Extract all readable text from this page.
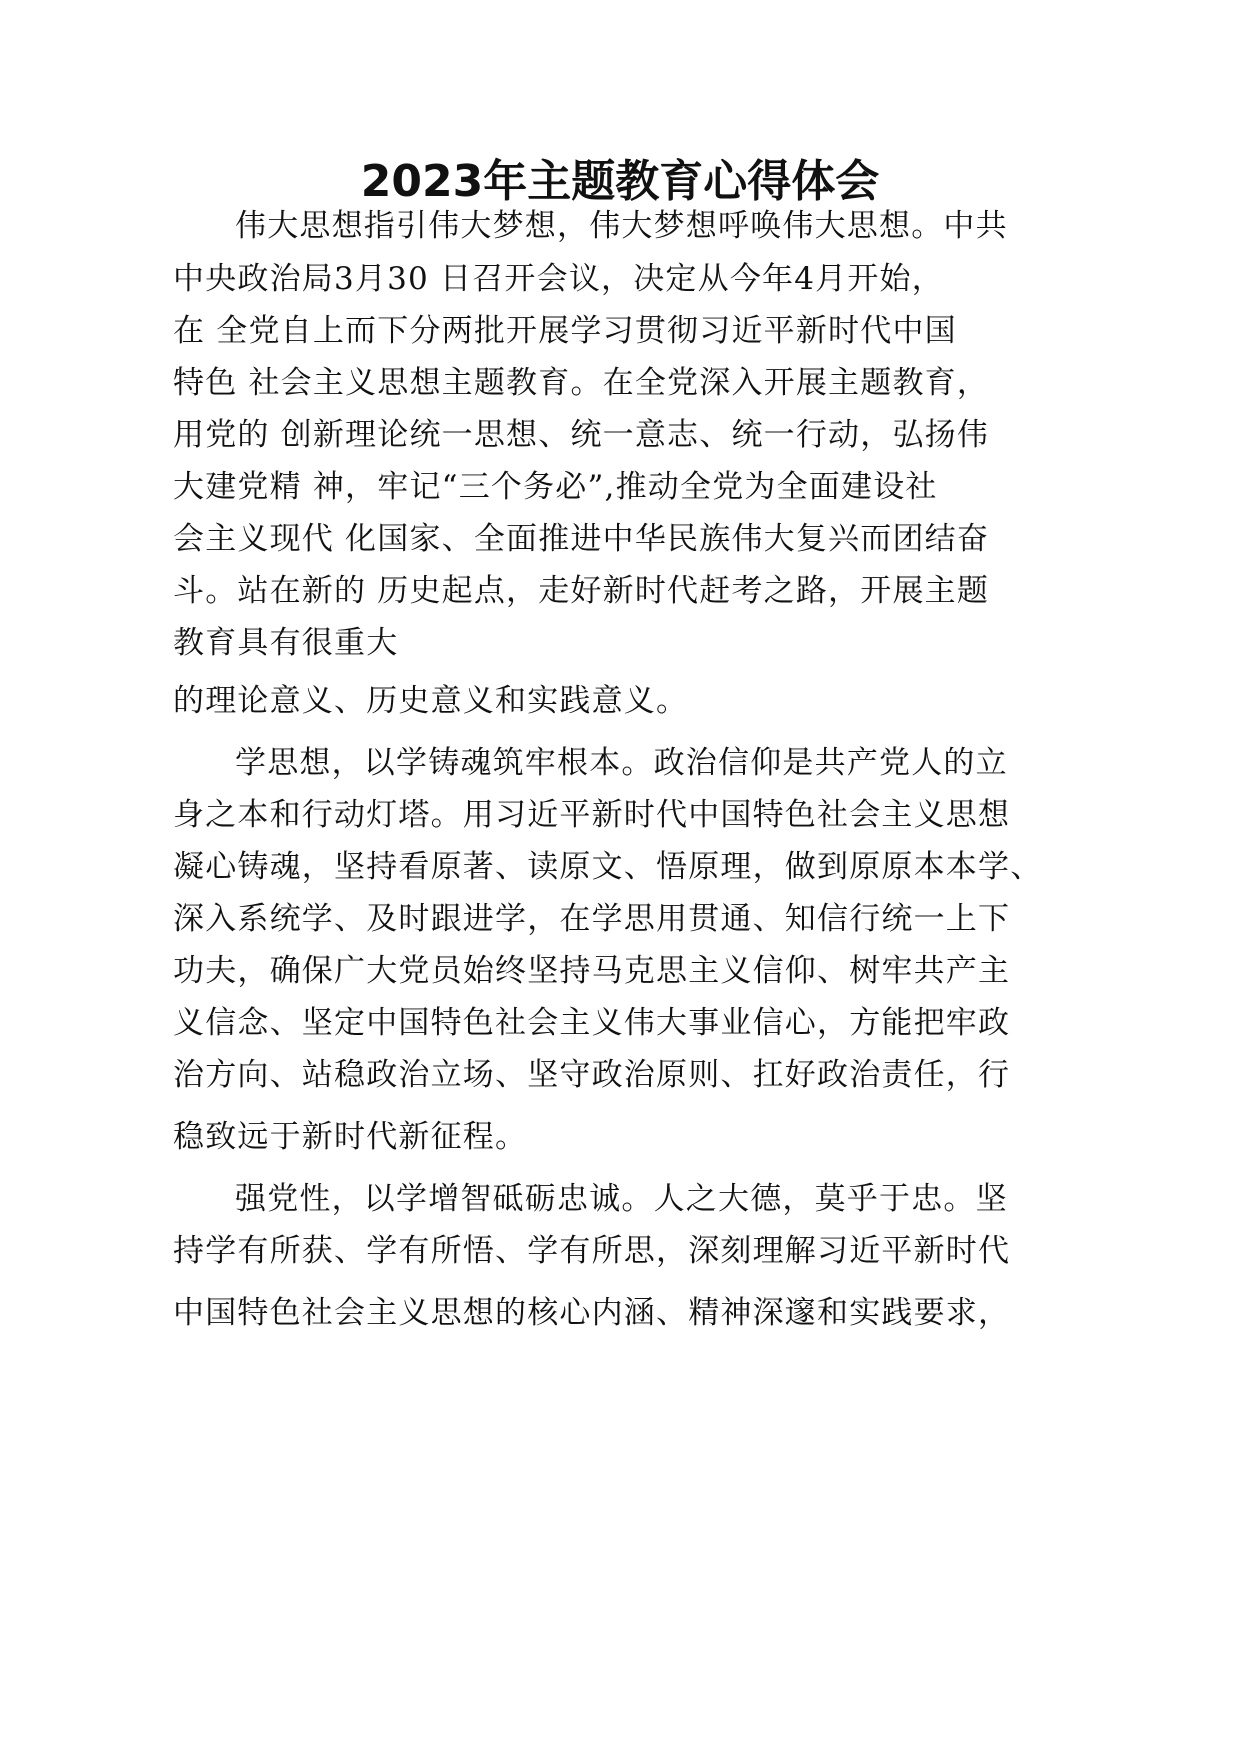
2023年主题教育心得体会
伟大思想指引伟大梦想，伟大梦想呼唤伟大思想。中共
中央政治局3月30 日召开会议，决定从今年4月开始，
在 全党自上而下分两批开展学习贯彻习近平新时代中国
特色 社会主义思想主题教育。在全党深入开展主题教育，
用党的 创新理论统一思想、统一意志、统一行动，弘扬伟
大建党精 神，牢记“三个务必”,推动全党为全面建设社
会主义现代 化国家、全面推进中华民族伟大复兴而团结奋
斗。站在新的 历史起点，走好新时代赶考之路，开展主题
教育具有很重大
的理论意义、历史意义和实践意义。
学思想，以学铸魂筑牢根本。政治信仰是共产党人的立
身之本和行动灯塔。用习近平新时代中国特色社会主义思想
凝心铸魂，坚持看原著、读原文、悟原理，做到原原本本学、
深入系统学、及时跟进学，在学思用贯通、知信行统一上下
功夫，确保广大党员始终坚持马克思主义信仰、树牢共产主
义信念、坚定中国特色社会主义伟大事业信心，方能把牢政
治方向、站稳政治立场、坚守政治原则、扛好政治责任，行
稳致远于新时代新征程。
强党性，以学增智砥砺忠诚。人之大德，莫乎于忠。坚
持学有所获、学有所悟、学有所思，深刻理解习近平新时代
中国特色社会主义思想的核心内涵、精神深邃和实践要求，
